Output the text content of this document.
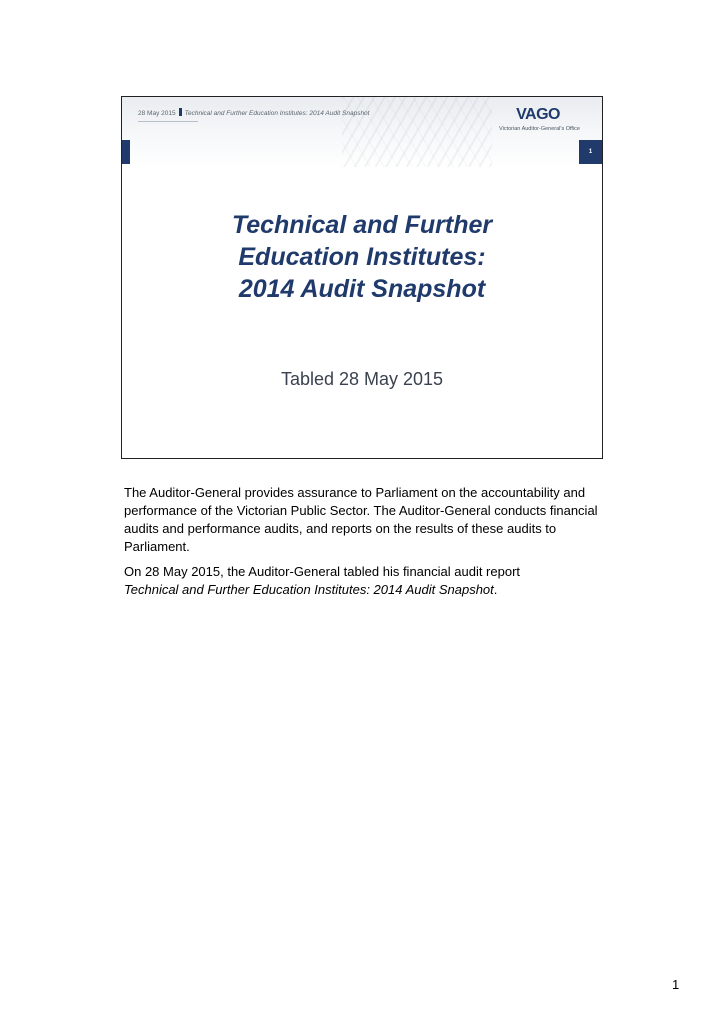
28 May 2015 Technical and Further Education Institutes: 2014 Audit Snapshot	VAGO
Victorian Auditor-General's Office
1
Technical and Further
Education Institutes:
2014 Audit Snapshot
Tabled 28 May 2015

The Auditor-General provides assurance to Parliament on the accountability and performance of the Victorian Public Sector. The Auditor-General conducts financial audits and performance audits, and reports on the results of these audits to Parliament.

On 28 May 2015, the Auditor-General tabled his financial audit report
Technical and Further Education Institutes: 2014 Audit Snapshot.

1
